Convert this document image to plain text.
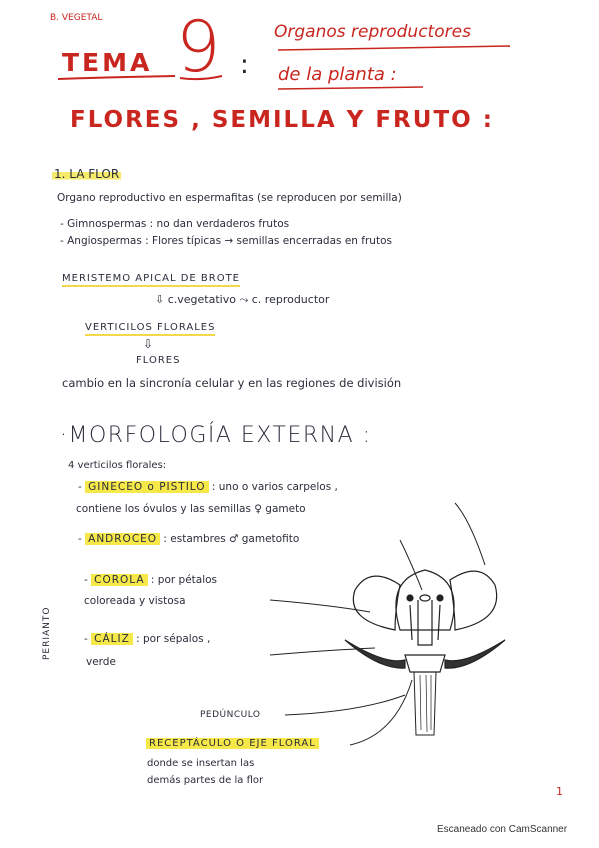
B. VEGETAL
TEMA 9 :
Organos reproductores
de la planta :
FLORES , SEMILLA Y FRUTO :
1. LA FLOR
Organo reproductivo en espermafitas (se reproducen por semilla)
- Gimnospermas : no dan verdaderos frutos
- Angiospermas : Flores típicas → semillas encerradas en frutos
MERISTEMO APICAL DE BROTE
⇩ c.vegetativo ⤳ c. reproductor
VERTICILOS FLORALES
⇩
FLORES
cambio en la sincronía celular y en las regiones de división
·MORFOLOGÍA EXTERNA :
4 verticilos florales:
- GINECEO o PISTILO : uno o varios carpelos ,
contiene los óvulos y las semillas ♀ gameto
- ANDROCEO : estambres ♂ gametofito
- COROLA : por pétalos
coloreada y vistosa
- CÁLIZ : por sépalos ,
verde
PERIANTO
PEDÚNCULO
RECEPTÁCULO O EJE FLORAL
donde se insertan las
demás partes de la flor
1
Escaneado con CamScanner
